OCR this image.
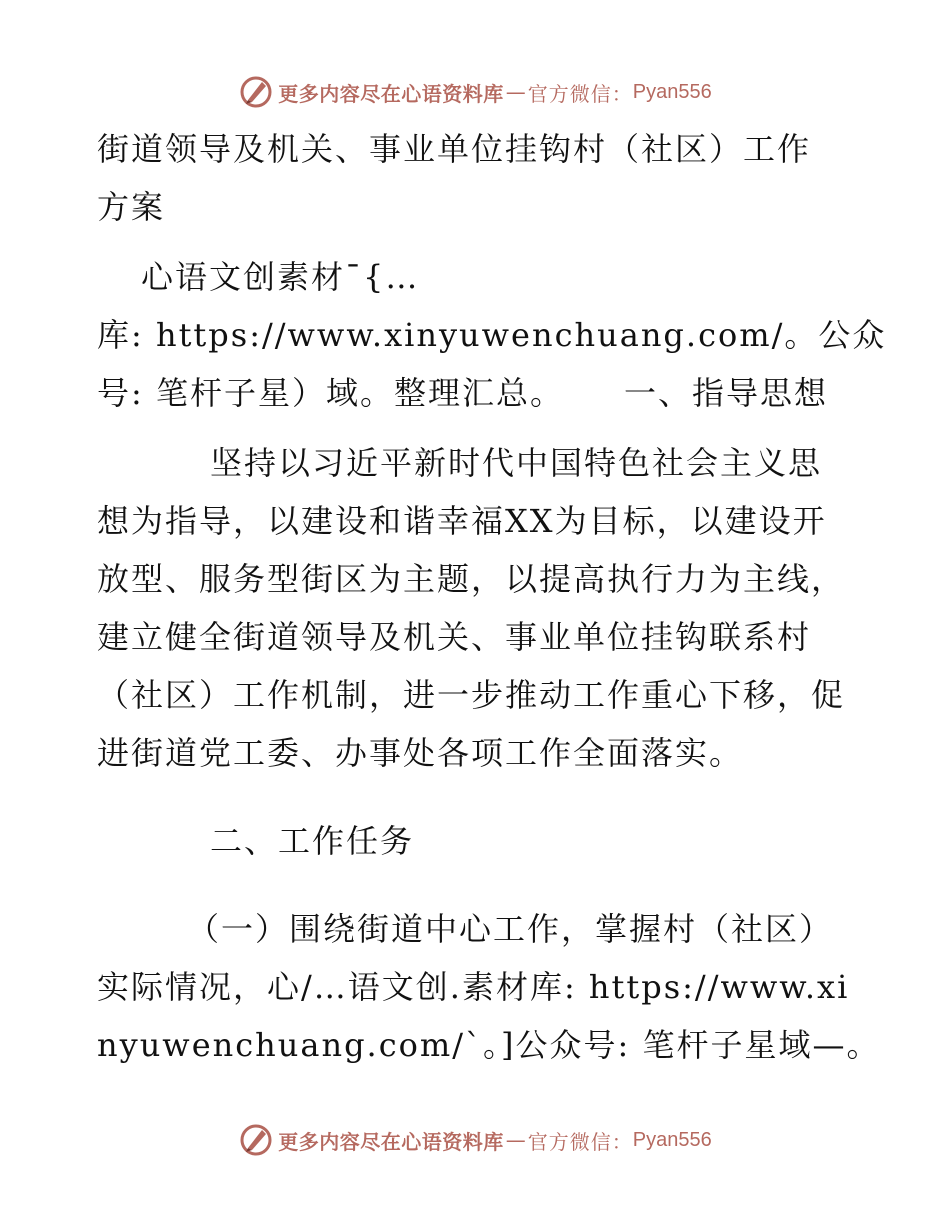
更多内容尽在心语资料库 — 官方微信： Pyan556
街道领导及机关、事业单位挂钩村（社区）工作
方案
心语文创素材¯{…
库: https://www.xinyuwenchuang.com/。公众
号: 笔杆子星）域。整理汇总。 一、指导思想
坚持以习近平新时代中国特色社会主义思
想为指导，以建设和谐幸福XX为目标，以建设开
放型、服务型街区为主题，以提高执行力为主线，
建立健全街道领导及机关、事业单位挂钩联系村
（社区）工作机制，进一步推动工作重心下移，促
进街道党工委、办事处各项工作全面落实。
二、工作任务
（一）围绕街道中心工作，掌握村（社区）
实际情况，心/…语文创.素材库: https://www.xi
nyuwenchuang.com/`。]公众号: 笔杆子星域—。
更多内容尽在心语资料库 — 官方微信： Pyan556
